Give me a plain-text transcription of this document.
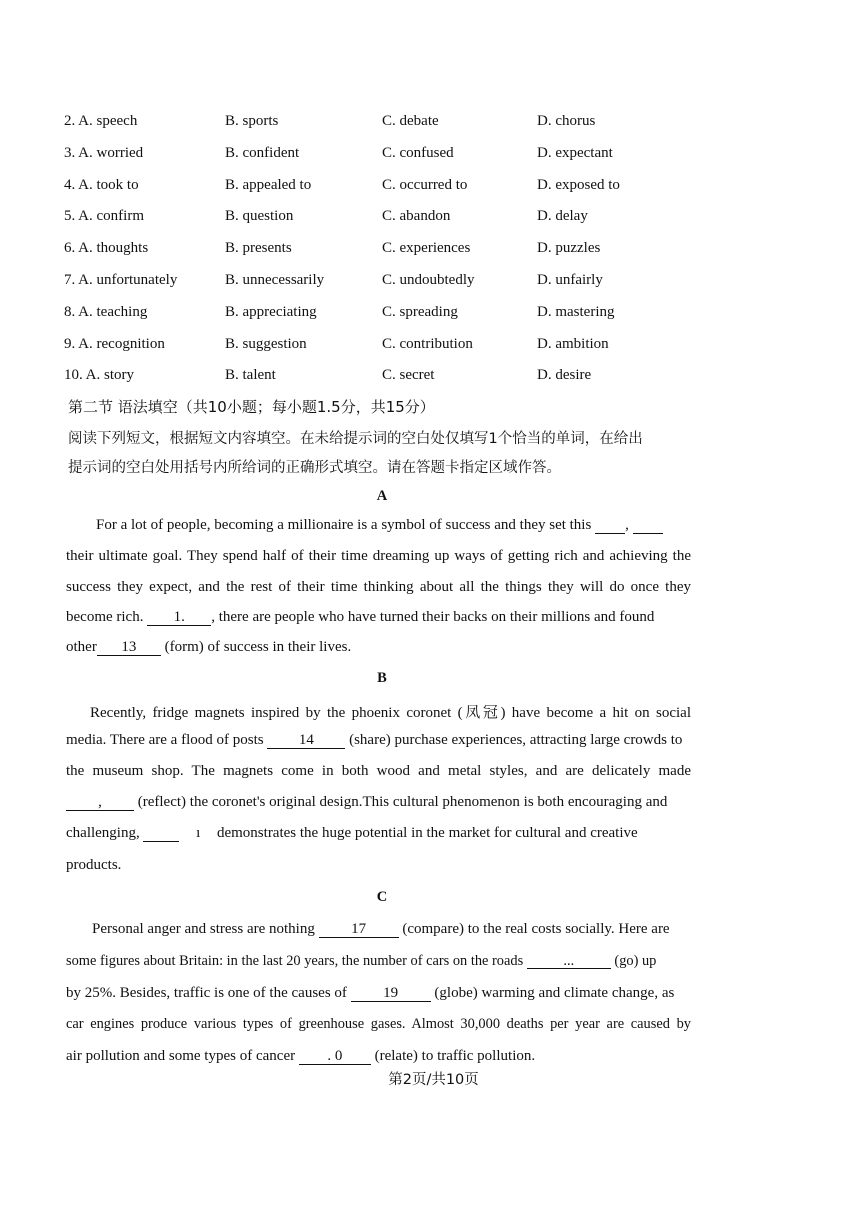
2. A. speech	B. sports	C. debate	D. chorus
3. A. worried	B. confident	C. confused	D. expectant
4. A. took to	B. appealed to	C. occurred to	D. exposed to
5. A. confirm	B. question	C. abandon	D. delay
6. A. thoughts	B. presents	C. experiences	D. puzzles
7. A. unfortunately	B. unnecessarily	C. undoubtedly	D. unfairly
8. A. teaching	B. appreciating	C. spreading	D. mastering
9. A. recognition	B. suggestion	C. contribution	D. ambition
10. A. story	B. talent	C. secret	D. desire
第二节 语法填空（共10小题；每小题1.5分，共15分）
阅读下列短文，根据短文内容填空。在未给提示词的空白处仅填写1个恰当的单词，在给出
提示词的空白处用括号内所给词的正确形式填空。请在答题卡指定区域作答。
A
For a lot of people, becoming a millionaire is a symbol of success and they set this ,
their ultimate goal. They spend half of their time dreaming up ways of getting rich and achieving the
success they expect, and the rest of their time thinking about all the things they will do once they
become rich. 1. , there are people who have turned their backs on their millions and found
other 13 (form) of success in their lives.
B
Recently, fridge magnets inspired by the phoenix coronet (凤冠) have become a hit on social
media. There are a flood of posts 14 (share) purchase experiences, attracting large crowds to
the museum shop. The magnets come in both wood and metal styles, and are delicately made
, (reflect) the coronet's original design.This cultural phenomenon is both encouraging and
challenging,	ı demonstrates the huge potential in the market for cultural and creative
products.
C
Personal anger and stress are nothing 17 (compare) to the real costs socially. Here are
some figures about Britain: in the last 20 years, the number of cars on the roads	...	(go) up
by 25%. Besides, traffic is one of the causes of 19 (globe) warming and climate change, as
car engines produce various types of greenhouse gases. Almost 30,000 deaths per year are caused by
air pollution and some types of cancer . 0 (relate) to traffic pollution.
第2页/共10页
